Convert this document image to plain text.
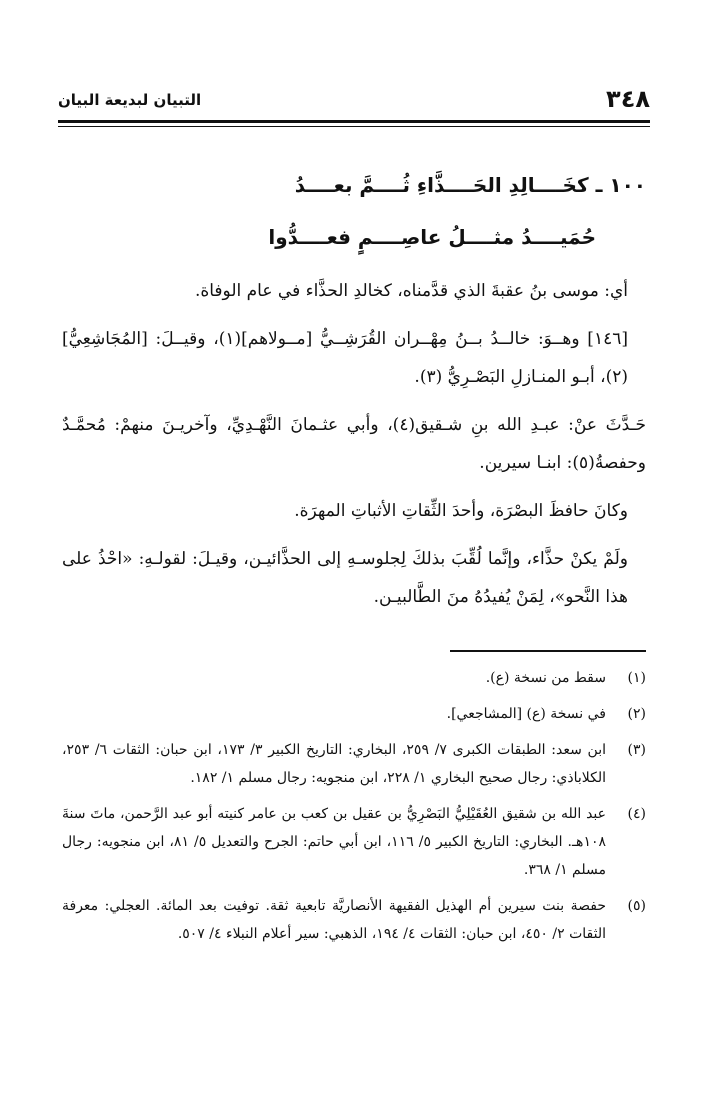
٣٤٨
التبيان لبديعة البيان
١٠٠ ـ كخَــــالِدِ الحَــــذَّاءِ ثُــــمَّ بعــــدُ
حُمَيــــدُ مثــــلُ عاصِــــمٍ فعــــدُّوا

أي: موسى بنُ عقبةَ الذي قدَّمناه، كخالدِ الحذَّاء في عام الوفاة.

[١٤٦] وهــوَ: خالــدُ بــنُ مِهْــران القُرَشِــيُّ [مــولاهم](١)، وقيــلَ: [المُجَاشِعِيُّ](٢)، أبـو المنـازلِ البَصْـرِيُّ (٣).

حَـدَّثَ عنْ: عبـدِ الله بنِ شـقيق(٤)، وأبي عثـمانَ النَّهْـدِيِّ، وآخريـنَ منهمْ: مُحمَّـدٌ وحفصةُ(٥): ابنـا سيرين.

وكانَ حافظَ البصْرَة، وأحدَ الثِّقاتِ الأثباتِ المهرَة.

ولَمْ يكنْ حذَّاء، وإنَّما لُقِّبَ بذلكَ لِجلوسـهِ إلى الحذَّائيـن، وقيـلَ: لقولـهِ: «احْذُ على هذا النَّحو»، لِمَنْ يُفيدُهُ منَ الطَّالبيـن.

(١)
سقط من نسخة (ع).
(٢)
في نسخة (ع) [المشاجعي].
(٣)
ابن سعد: الطبقات الكبرى ٧/ ٢٥٩، البخاري: التاريخ الكبير ٣/ ١٧٣، ابن حبان: الثقات ٦/ ٢٥٣، الكلاباذي: رجال صحيح البخاري ١/ ٢٢٨، ابن منجويه: رجال مسلم ١/ ١٨٢.
(٤)
عبد الله بن شقيق العُقَيْلِيُّ البَصْرِيُّ بن عقيل بن كعب بن عامر كنيته أبو عبد الرَّحمن، ماتَ سنةَ ١٠٨هـ. البخاري: التاريخ الكبير ٥/ ١١٦، ابن أبي حاتم: الجرح والتعديل ٥/ ٨١، ابن منجويه: رجال مسلم ١/ ٣٦٨.
(٥)
حفصة بنت سيرين أم الهذيل الفقيهة الأنصاريَّة تابعية ثقة. توفيت بعد المائة. العجلي: معرفة الثقات ٢/ ٤٥٠، ابن حبان: الثقات ٤/ ١٩٤، الذهبي: سير أعلام النبلاء ٤/ ٥٠٧.
